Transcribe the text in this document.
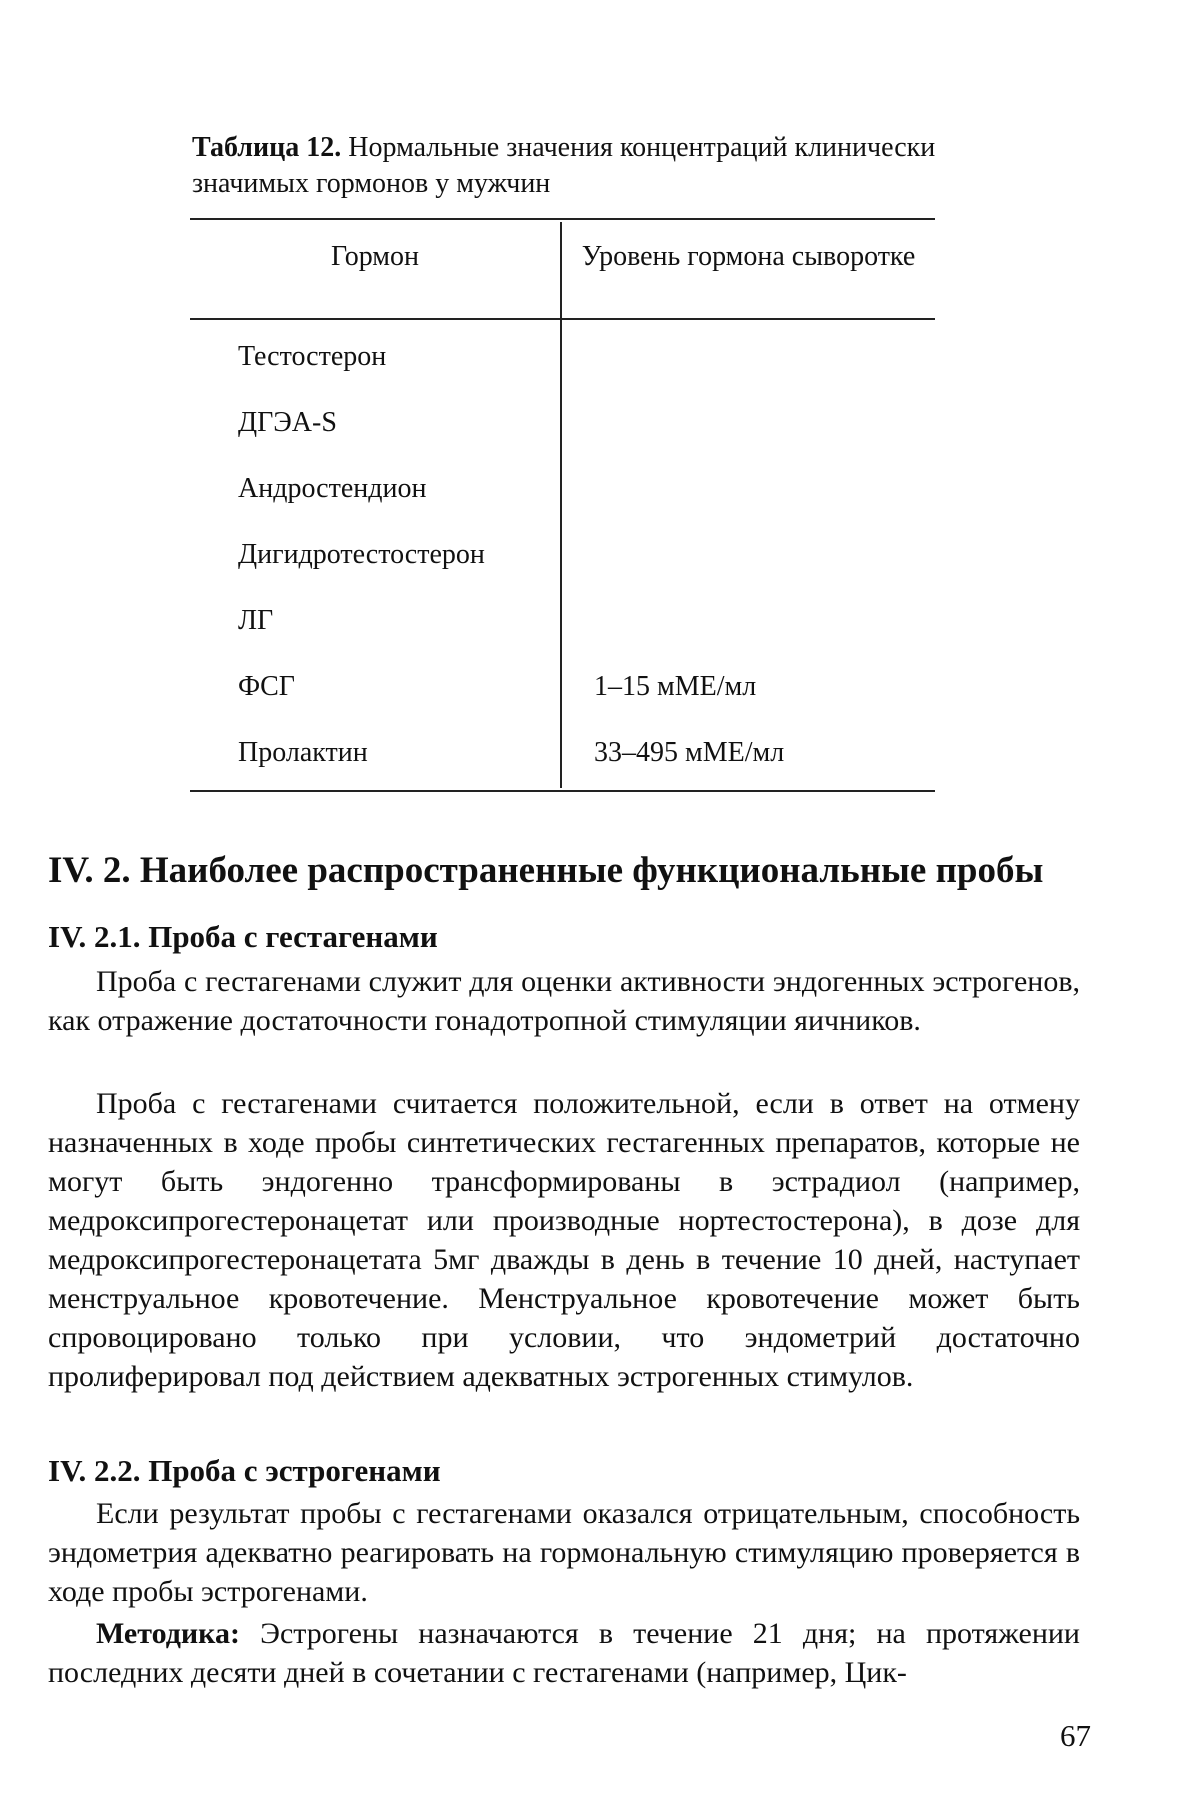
Таблица 12. Нормальные значения концентраций клинически значимых гормонов у мужчин
Гормон	Уровень гормона сыворотке
Тестостерон
ДГЭА-S
Андростендион
Дигидротестостерон
ЛГ
ФСГ	1–15 мМЕ/мл
Пролактин	33–495 мМЕ/мл
IV. 2. Наиболее распространенные функциональные пробы
IV. 2.1. Проба с гестагенами
Проба с гестагенами служит для оценки активности эндогенных эстрогенов, как отражение достаточности гонадотропной стимуляции яичников.
Проба с гестагенами считается положительной, если в ответ на отмену назначенных в ходе пробы синтетических гестагенных препаратов, которые не могут быть эндогенно трансформированы в эстрадиол (например, медроксипрогестеронацетат или производные нортестостерона), в дозе для медроксипрогестеронацетата 5мг дважды в день в течение 10 дней, наступает менструальное кровотечение. Менструальное кровотечение может быть спровоцировано только при условии, что эндометрий достаточно пролиферировал под действием адекватных эстрогенных стимулов.
IV. 2.2. Проба с эстрогенами
Если результат пробы с гестагенами оказался отрицательным, способность эндометрия адекватно реагировать на гормональную стимуляцию проверяется в ходе пробы эстрогенами.
Методика: Эстрогены назначаются в течение 21 дня; на протяжении последних десяти дней в сочетании с гестагенами (например, Цик-
67
